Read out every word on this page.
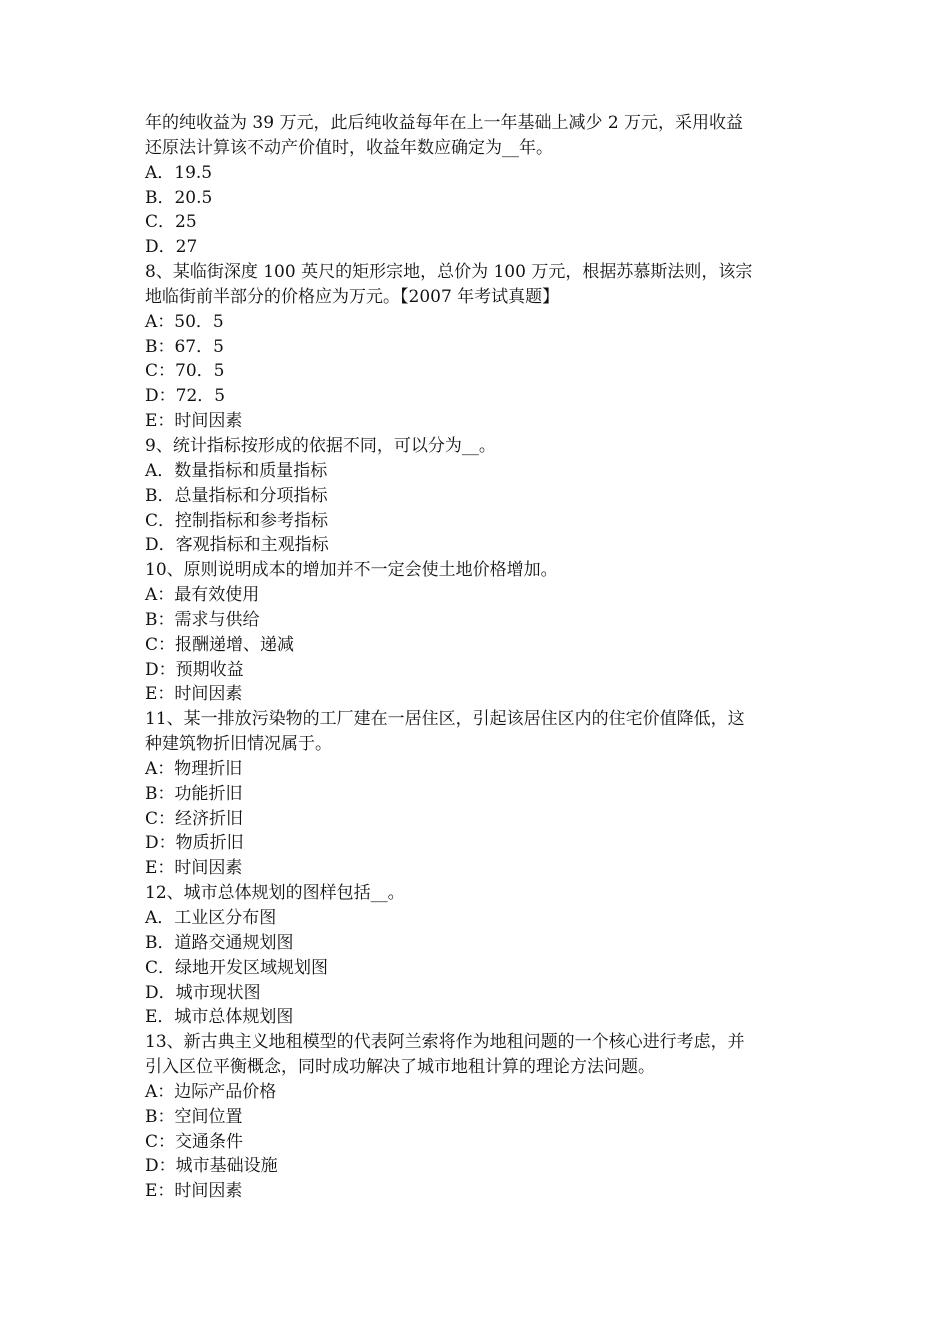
年的纯收益为 39 万元，此后纯收益每年在上一年基础上减少 2 万元，采用收益
还原法计算该不动产价值时，收益年数应确定为__年。
A．19.5
B．20.5
C．25
D．27
8、某临街深度 100 英尺的矩形宗地，总价为 100 万元，根据苏慕斯法则，该宗
地临街前半部分的价格应为万元。【2007 年考试真题】
A：50．5
B：67．5
C：70．5
D：72．5
E：时间因素
9、统计指标按形成的依据不同，可以分为__。
A．数量指标和质量指标
B．总量指标和分项指标
C．控制指标和参考指标
D．客观指标和主观指标
10、原则说明成本的增加并不一定会使土地价格增加。
A：最有效使用
B：需求与供给
C：报酬递增、递减
D：预期收益
E：时间因素
11、某一排放污染物的工厂建在一居住区，引起该居住区内的住宅价值降低，这
种建筑物折旧情况属于。
A：物理折旧
B：功能折旧
C：经济折旧
D：物质折旧
E：时间因素
12、城市总体规划的图样包括__。
A．工业区分布图
B．道路交通规划图
C．绿地开发区域规划图
D．城市现状图
E．城市总体规划图
13、新古典主义地租模型的代表阿兰索将作为地租问题的一个核心进行考虑，并
引入区位平衡概念，同时成功解决了城市地租计算的理论方法问题。
A：边际产品价格
B：空间位置
C：交通条件
D：城市基础设施
E：时间因素
